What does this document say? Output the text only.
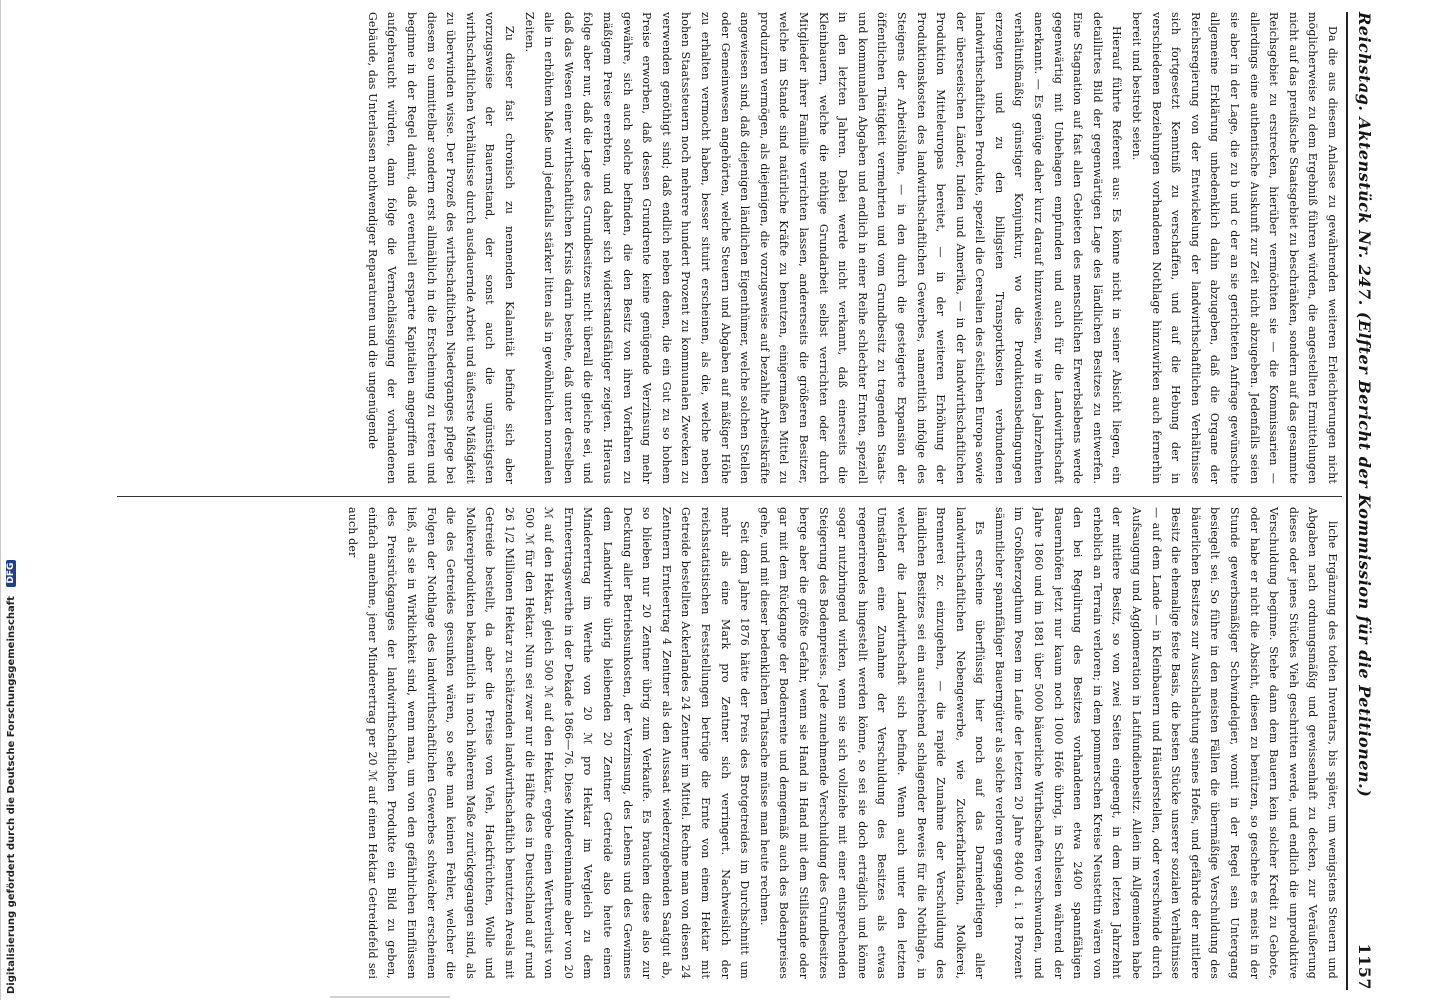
Reichstag. Aktenstück Nr. 247. (Elfter Bericht der Kommission für die Petitionen.)
1157

Da die aus diesem Anlasse zu gewährenden weiteren Erleichterungen nicht möglicherweise zu dem Ergebniß führen würden, die angestellten Ermittelungen nicht auf das preußische Staatsgebiet zu beschränken, sondern auf das gesammte Reichsgebiet zu erstrecken, hierüber vermöchten sie — die Kommissarien — allerdings eine authentische Auskunft zur Zeit nicht abzugeben. Jedenfalls seien sie aber in der Lage, die zu b und c der an sie gerichteten Anfrage gewünschte allgemeine Erklärung unbedenklich dahin abzugeben, daß die Organe der Reichsregierung von der Entwickelung der landwirthschaftlichen Verhältnisse sich fortgesetzt Kenntniß zu verschaffen, und auf die Hebung der in verschiedenen Beziehungen vorhandenen Nothlage hinzuwirken auch fernerhin bereit und bestrebt seien.

Hierauf führte Referent aus: Es könne nicht in seiner Absicht liegen, ein detaillirtes Bild der gegenwärtigen Lage des ländlichen Besitzes zu entwerfen. Eine Stagnation auf fast allen Gebieten des menschlichen Erwerbslebens werde gegenwärtig mit Unbehagen empfunden und auch für die Landwirthschaft anerkannt. — Es genüge daher kurz darauf hinzuweisen, wie in den Jahrzehnten verhältnißmäßig günstiger Konjunktur, wo die Produktionsbedingungen erzeugten und zu den billigsten Transportkosten verbundenen landwirthschaftlichen Produkte, speziell die Cerealien des östlichen Europa sowie der überseeischen Länder, Indien und Amerika, — in der landwirthschaftlichen Produktion Mitteleuropas bereitet, — in der weiteren Erhöhung der Produktionskosten des landwirthschaftlichen Gewerbes, namentlich infolge des Steigens der Arbeitslöhne, — in den durch die gesteigerte Expansion der öffentlichen Thätigkeit vermehrten und vom Grundbesitz zu tragenden Staats- und kommunalen Abgaben und endlich in einer Reihe schlechter Ernten, speziell in den letzten Jahren. Dabei werde nicht verkannt, daß einerseits die Kleinbauern, welche die nöthige Grundarbeit selbst verrichten oder durch Mitglieder ihrer Familie verrichten lassen, andererseits die größeren Besitzer, welche im Stande sind natürliche Kräfte zu benutzen, einigermaßen Mittel zu produziren vermögen, als diejenigen, die vorzugsweise auf bezahlte Arbeitskräfte angewiesen sind, daß diejenigen ländlichen Eigenthümer, welche solchen Stellen oder Gemeinwesen angehörten, welche Steuern und Abgaben auf mäßiger Höhe zu erhalten vermocht haben, besser situirt erscheinen, als die, welche neben hohen Staatssteuern noch mehrere hundert Prozent zu kommunalen Zwecken zu verwenden genöthigt sind; daß endlich neben denen, die ein Gut zu so hohem Preise erworben, daß dessen Grundrente keine genügende Verzinsung mehr gewähre, sich auch solche befinden, die den Besitz von ihren Vorfahren zu mäßigem Preise ererbten, und daher sich widerstandsfähiger zeigten. Hieraus folge aber nur, daß die Lage des Grundbesitzes nicht überall die gleiche sei, und daß das Wesen einer wirthschaftlichen Krisis darin bestehe, daß unter derselben alle in erhöhtem Maße und jedenfalls stärker litten als in gewöhnlichen normalen Zeiten.

Zu dieser fast chronisch zu nennenden Kalamität befinde sich aber vorzugsweise der Bauernstand, der sonst auch die ungünstigsten wirthschaftlichen Verhältnisse durch ausdauernde Arbeit und äußerste Mäßigkeit zu überwinden wisse. Der Prozeß des wirthschaftlichen Niederganges pflege bei diesem so unmittelbar sondern erst allmählich in die Erscheinung zu treten und beginne in der Regel damit, daß eventuell ersparte Kapitalien angegriffen und aufgebraucht würden, dann folge die Vernachlässigung der vorhandenen Gebäude, das Unterlassen nothwendiger Reparaturen und die ungenügende

liche Ergänzung des todten Inventars, bis später, um wenigstens Steuern und Abgaben nach ordnungsmäßig und gewissenhaft zu decken, zur Veräußerung dieses oder jenes Stückes Vieh geschritten werde, und endlich die unproduktive Verschuldung beginne. Stehe dann dem Bauern kein solcher Kredit zu Gebote, oder habe er nicht die Absicht, diesen zu benützen, so geschehe es meist in der Stunde gewerbsmäßiger Schwindelgier, womit in der Regel sein Untergang besiegelt sei. So führe in den meisten Fällen die übermäßige Verschuldung des bäuerlichen Besitzes zur Ausschlachtung seines Hofes, und gefährde der mittlere Besitz die ehemalige feste Basis, die besten Stücke unserer sozialen Verhältnisse — auf dem Lande — in Kleinbauern und Häuslerstellen, oder verschwinde durch Aufsaugung und Agglomeration in Latifundienbesitz. Allein im Allgemeinen habe der mittlere Besitz, so von zwei Seiten eingeengt, in dem letzten Jahrzehnt erheblich an Terrain verloren; in dem pommerschen Kreise Neustettin wären von den bei Regulirung des Besitzes vorhandenen etwa 2400 spannfähigen Bauernhöfen jetzt nur kaum noch 1000 Höfe übrig, in Schlesien während der Jahre 1860 und im 1881 über 5000 bäuerliche Wirthschaften verschwunden, und im Großherzogthum Posen im Laufe der letzten 20 Jahre 8400 d. i. 18 Prozent sämmtlicher spannfähiger Bauerngüter als solche verloren gegangen.

Es erscheine überflüssig hier noch auf das Darniederliegen aller landwirthschaftlichen Nebengewerbe, wie Zuckerfabrikation, Molkerei, Brennerei zc. einzugehen, — die rapide Zunahme der Verschuldung des ländlichen Besitzes sei ein ausreichend schlagender Beweis für die Nothlage, in welcher die Landwirthschaft sich befinde. Wenn auch unter den letzten Umständen eine Zunahme der Verschuldung des Besitzes als etwas regenerirendes hingestellt werden könne, so sei sie doch erträglich und könne sogar nutzbringend wirken, wenn sie sich vollziehe mit einer entsprechenden Steigerung des Bodenpreises. Jede zunehmende Verschuldung des Grundbesitzes berge aber die größte Gefahr, wenn sie Hand in Hand mit dem Stillstande oder gar mit dem Rückgange der Bodenrente und demgemäß auch des Bodenpreises gehe, und mit dieser bedenklichen Thatsache müsse man heute rechnen.

Seit dem Jahre 1876 hätte der Preis des Brotgetreides im Durchschnitt um mehr als eine Mark pro Zentner sich verringert. Nachweislich der reichsstatistischen Feststellungen betrüge die Ernte von einem Hektar mit Getreide bestellten Ackerlandes 24 Zentner im Mittel. Rechne man von diesen 24 Zentnern Ernteertrag 4 Zentner als den Aussaat wiederzugebenden Saatgut ab, so blieben nur 20 Zentner übrig zum Verkaufe. Es brauchen diese also zur Deckung aller Betriebsunkosten, der Verzinsung, des Lebens und des Gewinnes dem Landwirthe übrig bleibenden 20 Zentner Getreide also heute einen Minderertrag im Werthe von 20 ℳ pro Hektar im Vergleich zu dem Ernteertragswerthe in der Dekade 1866—76. Diese Mindereinnahme aber von 20 ℳ auf den Hektar, gleich 500 ℳ auf den Hektar, ergebe einen Werthverlust von 500 ℳ für den Hektar. Nun sei zwar nur die Hälfte des in Deutschland auf rund 26 1/2 Millionen Hektar zu schätzenden landwirthschaftlich benutzten Areals mit Getreide bestellt, da aber die Preise von Vieh, Hackfrüchten, Wolle und Molkereiprodukten bekanntlich in noch höherem Maße zurückgegangen sind, als die des Getreides gesunken wären, so sehe man keinen Fehler, welcher die Folgen der Nothlage des landwirthschaftlichen Gewerbes schwächer erscheinen ließ, als sie in Wirklichkeit sind, wenn man, um von den gefährlichen Einflüssen des Preisrückganges der landwirthschaftlichen Produkte ein Bild zu geben, einfach annehme, jener Minderertrag per 20 ℳ auf einen Hektar Getreidefeld sei auch der

Digitalisierung gefördert durch die Deutsche Forschungsgemeinschaft DFG
